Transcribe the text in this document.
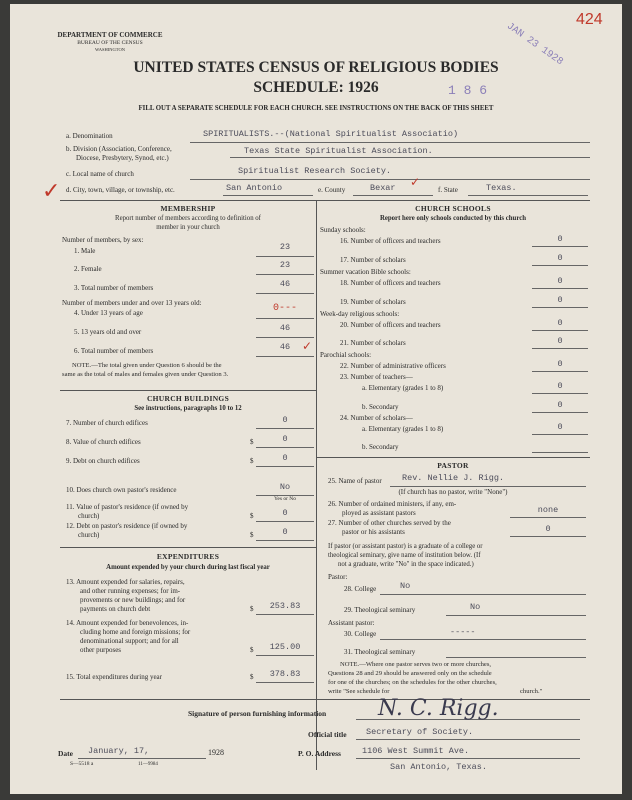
424
JAN 23 1928
1 8 6
DEPARTMENT OF COMMERCE
BUREAU OF THE CENSUS
WASHINGTON
UNITED STATES CENSUS OF RELIGIOUS BODIES
SCHEDULE: 1926
FILL OUT A SEPARATE SCHEDULE FOR EACH CHURCH. SEE INSTRUCTIONS ON THE BACK OF THIS SHEET
a. Denomination	SPIRITUALISTS.--(National Spiritualist Associatio)
b. Division (Association, Conference,
Diocese, Presbytery, Synod, etc.)
Texas State Spiritualist Association.
c. Local name of church	Spiritualist Research Society.
d. City, town, village, or township, etc.	San Antonio	e. County	Bexar	f. State	Texas.
✓	✓
MEMBERSHIP
Report number of members according to definition of
member in your church
Number of members, by sex:
1. Male	23
2. Female	23
3. Total number of members	46
Number of members under and over 13 years old:
4. Under 13 years of age	0---
5. 13 years old and over	46
6. Total number of members	46 ✓
NOTE.—The total given under Question 6 should be the
same as the total of males and females given under Question 3.
CHURCH BUILDINGS
See instructions, paragraphs 10 to 12
7. Number of church edifices	0
8. Value of church edifices	$	0
9. Debt on church edifices	$	0
10. Does church own pastor's residence	No
Yes or No
11. Value of pastor's residence (if owned by
church)	$	0
12. Debt on pastor's residence (if owned by
church)	$	0
EXPENDITURES
Amount expended by your church during last fiscal year
13. Amount expended for salaries, repairs,
and other running expenses; for im-
provements or new buildings; and for
payments on church debt	$	253.83
14. Amount expended for benevolences, in-
cluding home and foreign missions; for
denominational support; and for all
other purposes	$	125.00
15. Total expenditures during year	$	378.83
CHURCH SCHOOLS
Report here only schools conducted by this church
Sunday schools:
16. Number of officers and teachers	0
17. Number of scholars	0
Summer vacation Bible schools:
18. Number of officers and teachers	0
19. Number of scholars	0
Week-day religious schools:
20. Number of officers and teachers	0
21. Number of scholars	0
Parochial schools:
22. Number of administrative officers	0
23. Number of teachers—
a. Elementary (grades 1 to 8)	0
b. Secondary	0
24. Number of scholars—
a. Elementary (grades 1 to 8)	0
b. Secondary
PASTOR
25. Name of pastor Rev. Nellie J. Rigg.
(If church has no pastor, write "None")
26. Number of ordained ministers, if any, em-
ployed as assistant pastors	none
27. Number of other churches served by the
pastor or his assistants	0
If pastor (or assistant pastor) is a graduate of a college or
theological seminary, give name of institution below. (If
not a graduate, write "No" in the space indicated.)
Pastor:
28. College	No
29. Theological seminary	No
Assistant pastor:
30. College	-----
31. Theological seminary
NOTE.—Where one pastor serves two or more churches,
Questions 28 and 29 should be answered only on the schedule
for one of the churches; on the schedules for the other churches,
write "See schedule for	church."
Signature of person furnishing information N. C. Rigg.
Official title Secretary of Society.
Date January, 17,	1928	P. O. Address 1106 West Summit Ave.
San Antonio, Texas.
S—5518 a	11—9984
